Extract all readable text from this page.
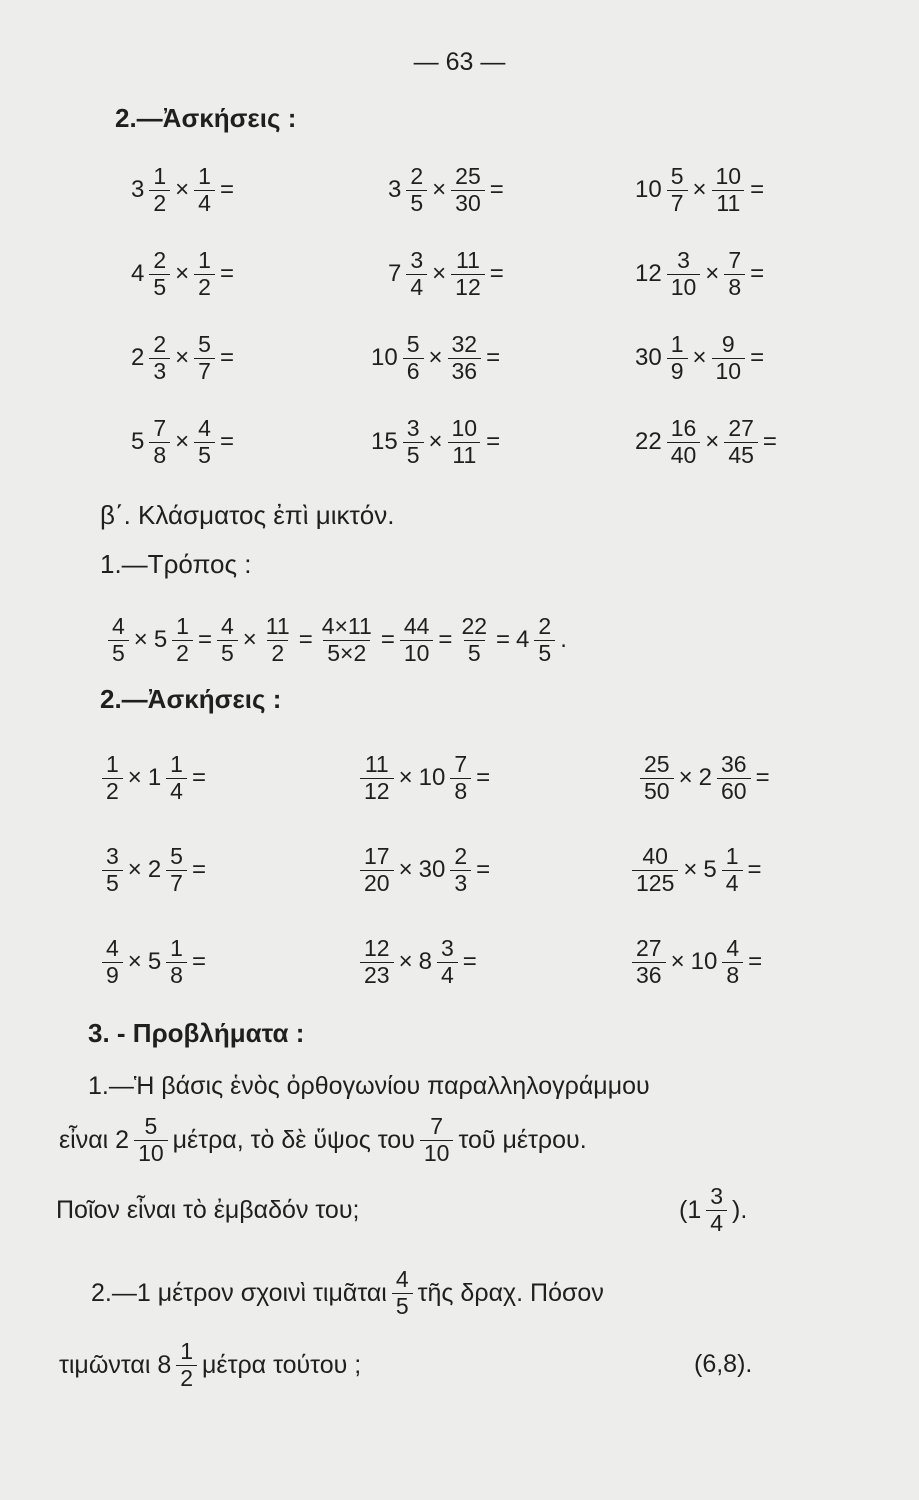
— 63 —
2.—Ἀσκήσεις :
$3 \frac{1}{2} \times \frac{1}{4}$ =	$3 \frac{2}{5} \times \frac{25}{30}$ =	$10 \frac{5}{7} \times \frac{10}{11}$ =
$4 \frac{2}{5} \times \frac{1}{2}$ =	$7 \frac{3}{4} \times \frac{11}{12}$ =	$12 \frac{3}{10} \times \frac{7}{8}$ =
$2 \frac{2}{3} \times \frac{5}{7}$ =	$10 \frac{5}{6} \times \frac{32}{36}$ =	$30 \frac{1}{9} \times \frac{9}{10}$ =
$5 \frac{7}{8} \times \frac{4}{5}$ =	$15 \frac{3}{5} \times \frac{10}{11}$ =	$22 \frac{16}{40} \times \frac{27}{45}$ =
β΄. Κλάσματος ἐπὶ μικτόν.
1.—Τρόπος :
$\frac{4}{5} \times 5 \frac{1}{2} = \frac{4}{5} \times \frac{11}{2} = \frac{4\times 11}{5\times 2} = \frac{44}{10} = \frac{22}{5} = 4 \frac{2}{5}$ .
2.—Ἀσκήσεις :
$\frac{1}{2} \times 1 \frac{1}{4}$ =	$\frac{11}{12} \times 10 \frac{7}{8}$ =	$\frac{25}{50} \times 2 \frac{36}{60}$ =
$\frac{3}{5} \times 2 \frac{5}{7}$ =	$\frac{17}{20} \times 30 \frac{2}{3}$ =	$\frac{40}{125} \times 5 \frac{1}{4}$ =
$\frac{4}{9} \times 5 \frac{1}{8}$ =	$\frac{12}{23} \times 8 \frac{3}{4}$ =	$\frac{27}{36} \times 10 \frac{4}{8}$ =
3. - Προβλήματα :
1.—Ἡ βάσις ἑνὸς ὀρθογωνίου παραλληλογράμμου
εἶναι $2 \frac{5}{10} \mu έ\tau\rho\alpha$, τὸ δὲ ὕψος του $\frac{7}{10}$ τοῦ μέτρου.
Ποῖον εἶναι τὸ ἐμβαδόν του;	($1 \frac{3}{4}$ ).
2.—1 μέτρον σχοινὶ τιμᾶται $\frac{4}{5}$ τῆς δραχ. Πόσον
τιμῶνται $8 \frac{1}{2}$ μέτρα τούτου ;	(6,8).
